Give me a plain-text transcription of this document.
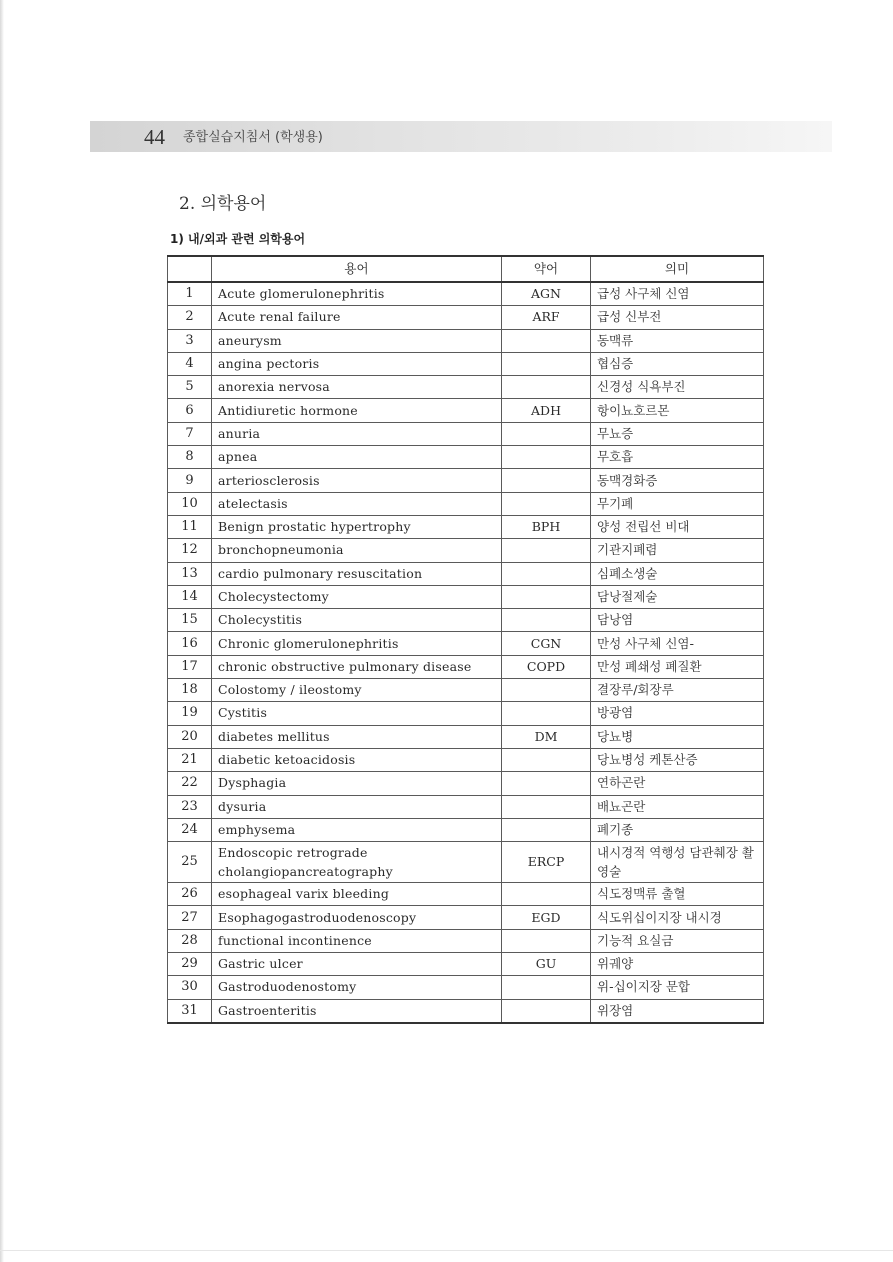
44 종합실습지침서 (학생용)
2. 의학용어
1) 내/외과 관련 의학용어
	용어	약어	의미
1	Acute glomerulonephritis	AGN	급성 사구체 신염
2	Acute renal failure	ARF	급성 신부전
3	aneurysm		동맥류
4	angina pectoris		협심증
5	anorexia nervosa		신경성 식욕부진
6	Antidiuretic hormone	ADH	항이뇨호르몬
7	anuria		무뇨증
8	apnea		무호흡
9	arteriosclerosis		동맥경화증
10	atelectasis		무기폐
11	Benign prostatic hypertrophy	BPH	양성 전립선 비대
12	bronchopneumonia		기관지폐렴
13	cardio pulmonary resuscitation		심폐소생술
14	Cholecystectomy		담낭절제술
15	Cholecystitis		담낭염
16	Chronic glomerulonephritis	CGN	만성 사구체 신염-
17	chronic obstructive pulmonary disease	COPD	만성 폐쇄성 폐질환
18	Colostomy / ileostomy		결장루/회장루
19	Cystitis		방광염
20	diabetes mellitus	DM	당뇨병
21	diabetic ketoacidosis		당뇨병성 케톤산증
22	Dysphagia		연하곤란
23	dysuria		배뇨곤란
24	emphysema		폐기종
25	Endoscopic retrograde cholangiopancreatography	ERCP	내시경적 역행성 담관췌장 촬영술
26	esophageal varix bleeding		식도정맥류 출혈
27	Esophagogastroduodenoscopy	EGD	식도위십이지장 내시경
28	functional incontinence		기능적 요실금
29	Gastric ulcer	GU	위궤양
30	Gastroduodenostomy		위-십이지장 문합
31	Gastroenteritis		위장염
